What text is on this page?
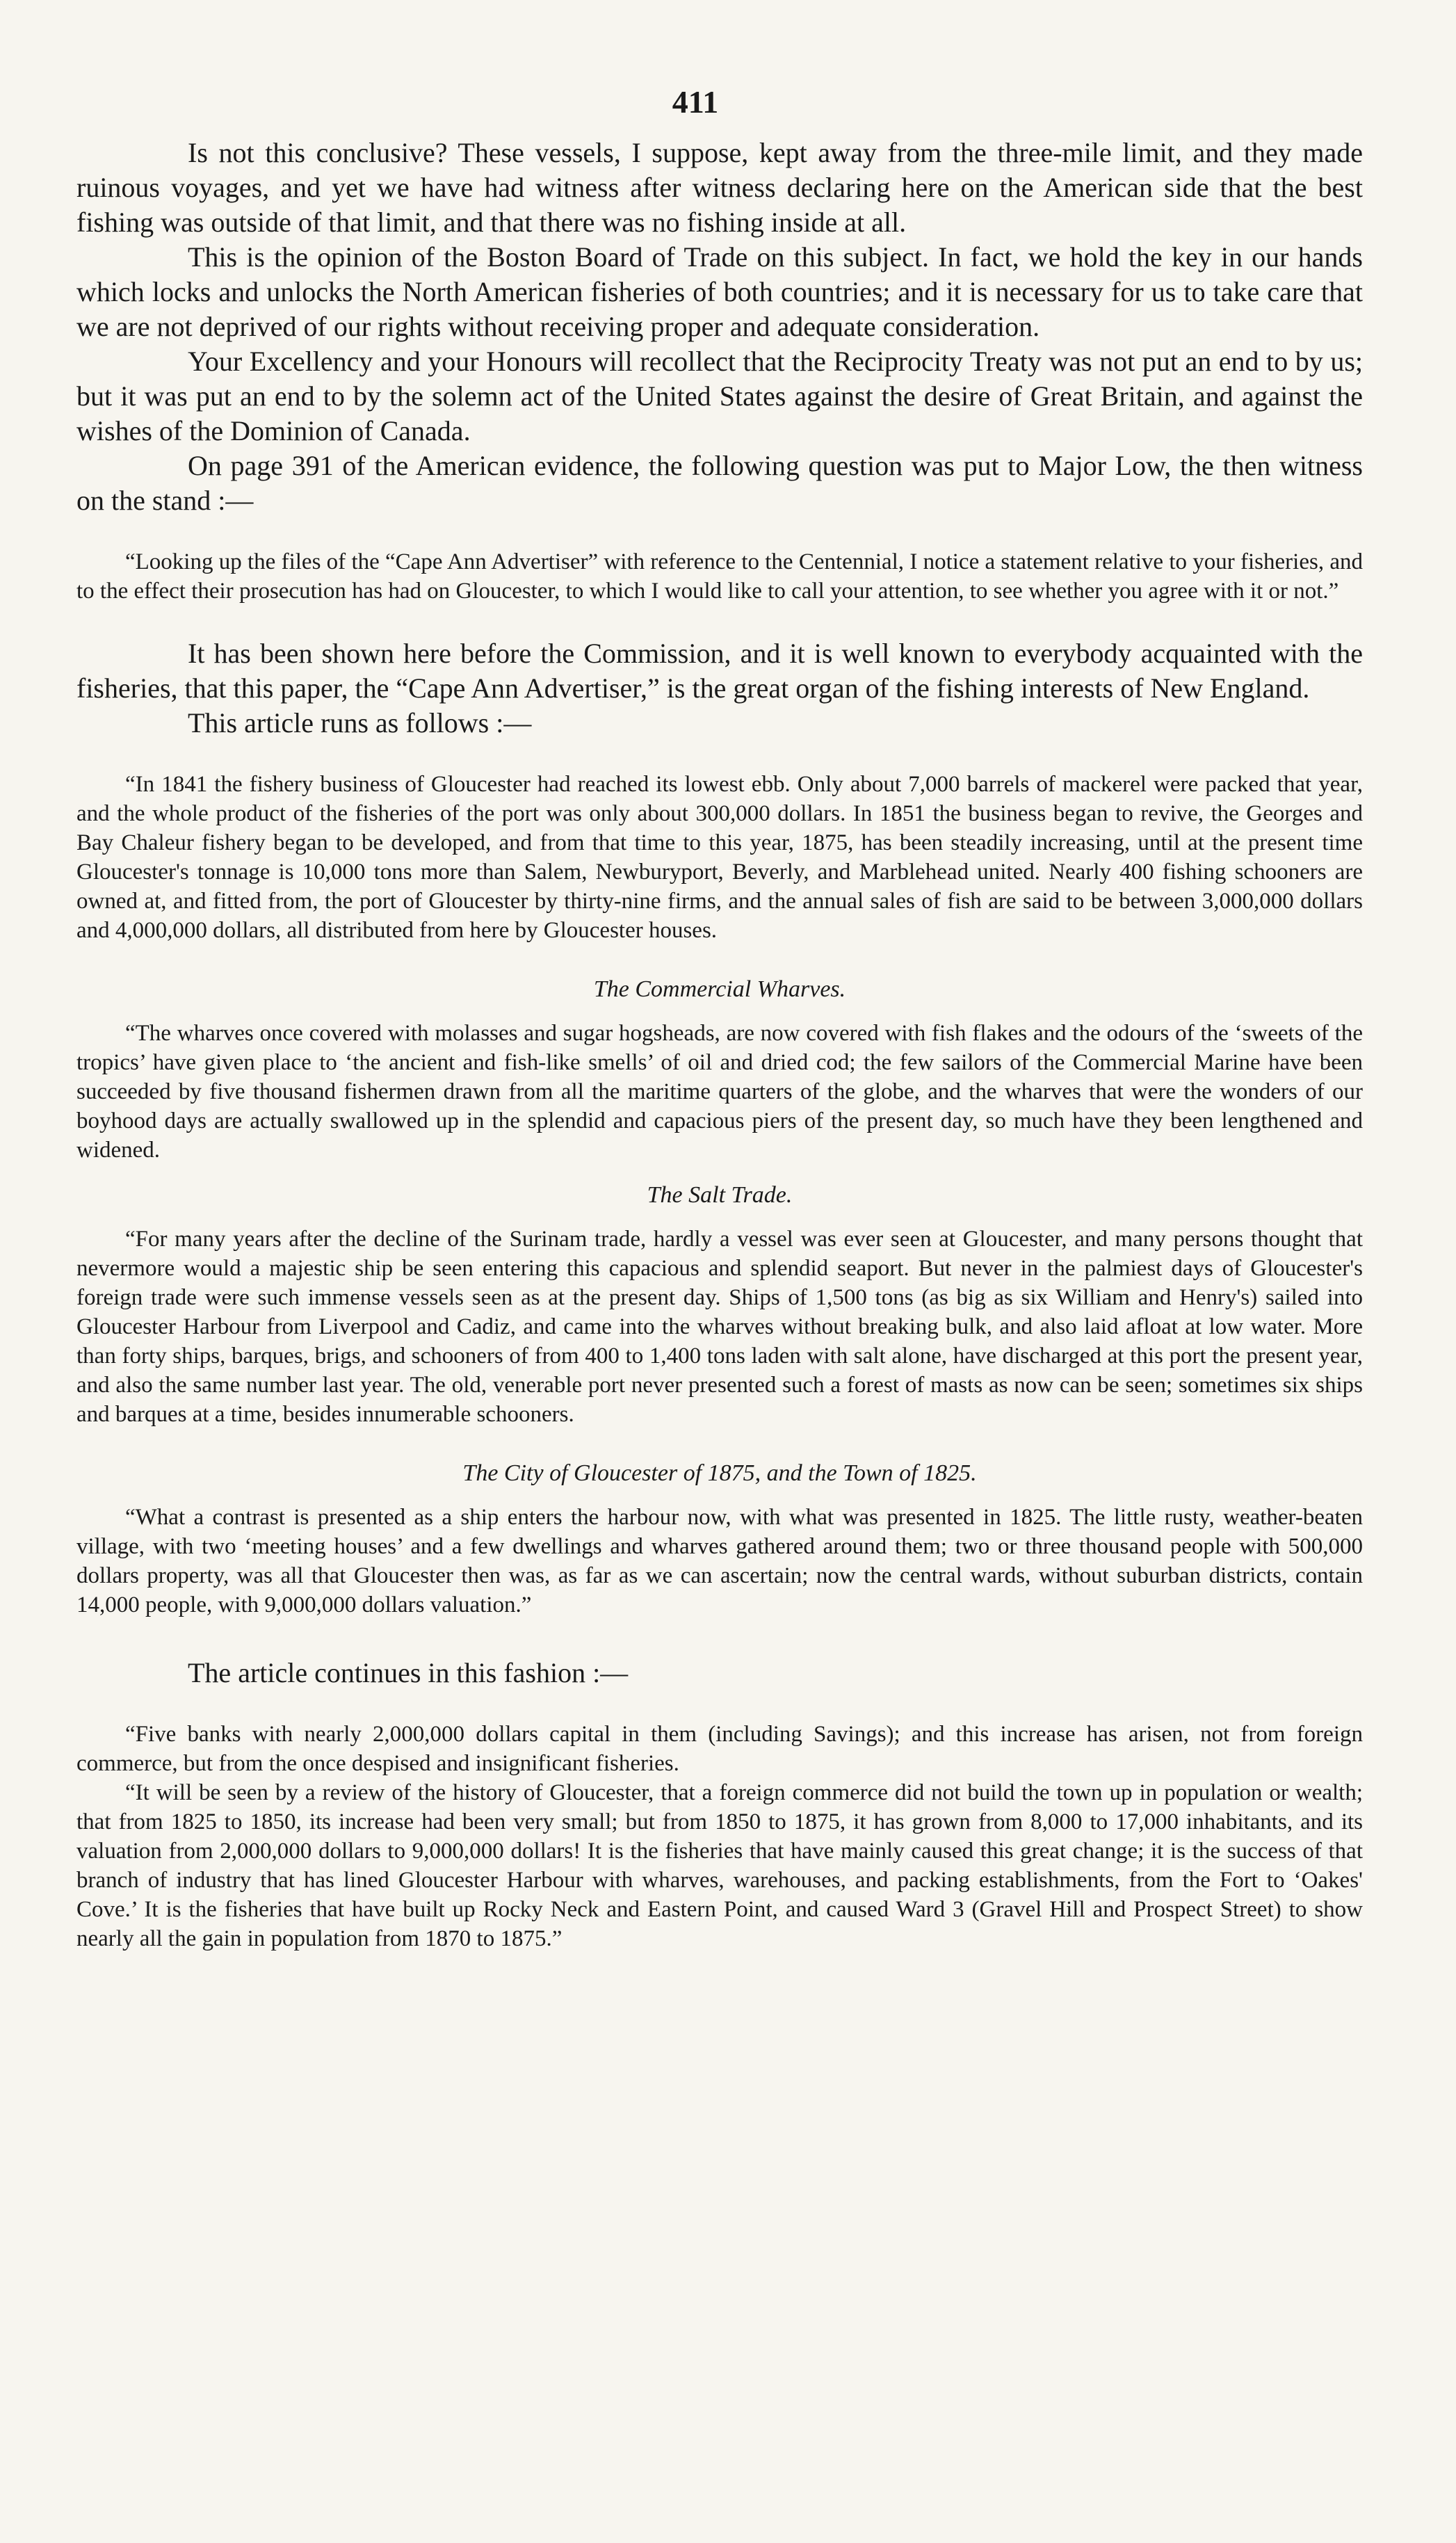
411

Is not this conclusive? These vessels, I suppose, kept away from the three-mile limit, and they made ruinous voyages, and yet we have had witness after witness declaring here on the American side that the best fishing was outside of that limit, and that there was no fishing inside at all.

This is the opinion of the Boston Board of Trade on this subject. In fact, we hold the key in our hands which locks and unlocks the North American fisheries of both countries; and it is necessary for us to take care that we are not deprived of our rights without receiving proper and adequate consideration.

Your Excellency and your Honours will recollect that the Reciprocity Treaty was not put an end to by us; but it was put an end to by the solemn act of the United States against the desire of Great Britain, and against the wishes of the Dominion of Canada.

On page 391 of the American evidence, the following question was put to Major Low, the then witness on the stand :—

“Looking up the files of the “Cape Ann Advertiser” with reference to the Centennial, I notice a statement relative to your fisheries, and to the effect their prosecution has had on Gloucester, to which I would like to call your attention, to see whether you agree with it or not.”

It has been shown here before the Commission, and it is well known to everybody acquainted with the fisheries, that this paper, the “Cape Ann Advertiser,” is the great organ of the fishing interests of New England.

This article runs as follows :—

“In 1841 the fishery business of Gloucester had reached its lowest ebb. Only about 7,000 barrels of mackerel were packed that year, and the whole product of the fisheries of the port was only about 300,000 dollars. In 1851 the business began to revive, the Georges and Bay Chaleur fishery began to be developed, and from that time to this year, 1875, has been steadily increasing, until at the present time Gloucester's tonnage is 10,000 tons more than Salem, Newburyport, Beverly, and Marblehead united. Nearly 400 fishing schooners are owned at, and fitted from, the port of Gloucester by thirty-nine firms, and the annual sales of fish are said to be between 3,000,000 dollars and 4,000,000 dollars, all distributed from here by Gloucester houses.

The Commercial Wharves.

“The wharves once covered with molasses and sugar hogsheads, are now covered with fish flakes and the odours of the ‘sweets of the tropics’ have given place to ‘the ancient and fish-like smells’ of oil and dried cod; the few sailors of the Commercial Marine have been succeeded by five thousand fishermen drawn from all the maritime quarters of the globe, and the wharves that were the wonders of our boyhood days are actually swallowed up in the splendid and capacious piers of the present day, so much have they been lengthened and widened.

The Salt Trade.

“For many years after the decline of the Surinam trade, hardly a vessel was ever seen at Gloucester, and many persons thought that nevermore would a majestic ship be seen entering this capacious and splendid seaport. But never in the palmiest days of Gloucester's foreign trade were such immense vessels seen as at the present day. Ships of 1,500 tons (as big as six William and Henry's) sailed into Gloucester Harbour from Liverpool and Cadiz, and came into the wharves without breaking bulk, and also laid afloat at low water. More than forty ships, barques, brigs, and schooners of from 400 to 1,400 tons laden with salt alone, have discharged at this port the present year, and also the same number last year. The old, venerable port never presented such a forest of masts as now can be seen; sometimes six ships and barques at a time, besides innumerable schooners.

The City of Gloucester of 1875, and the Town of 1825.

“What a contrast is presented as a ship enters the harbour now, with what was presented in 1825. The little rusty, weather-beaten village, with two ‘meeting houses’ and a few dwellings and wharves gathered around them; two or three thousand people with 500,000 dollars property, was all that Gloucester then was, as far as we can ascertain; now the central wards, without suburban districts, contain 14,000 people, with 9,000,000 dollars valuation.”

The article continues in this fashion :—

“Five banks with nearly 2,000,000 dollars capital in them (including Savings); and this increase has arisen, not from foreign commerce, but from the once despised and insignificant fisheries.

“It will be seen by a review of the history of Gloucester, that a foreign commerce did not build the town up in population or wealth; that from 1825 to 1850, its increase had been very small; but from 1850 to 1875, it has grown from 8,000 to 17,000 inhabitants, and its valuation from 2,000,000 dollars to 9,000,000 dollars! It is the fisheries that have mainly caused this great change; it is the success of that branch of industry that has lined Gloucester Harbour with wharves, warehouses, and packing establishments, from the Fort to ‘Oakes' Cove.’ It is the fisheries that have built up Rocky Neck and Eastern Point, and caused Ward 3 (Gravel Hill and Prospect Street) to show nearly all the gain in population from 1870 to 1875.”
